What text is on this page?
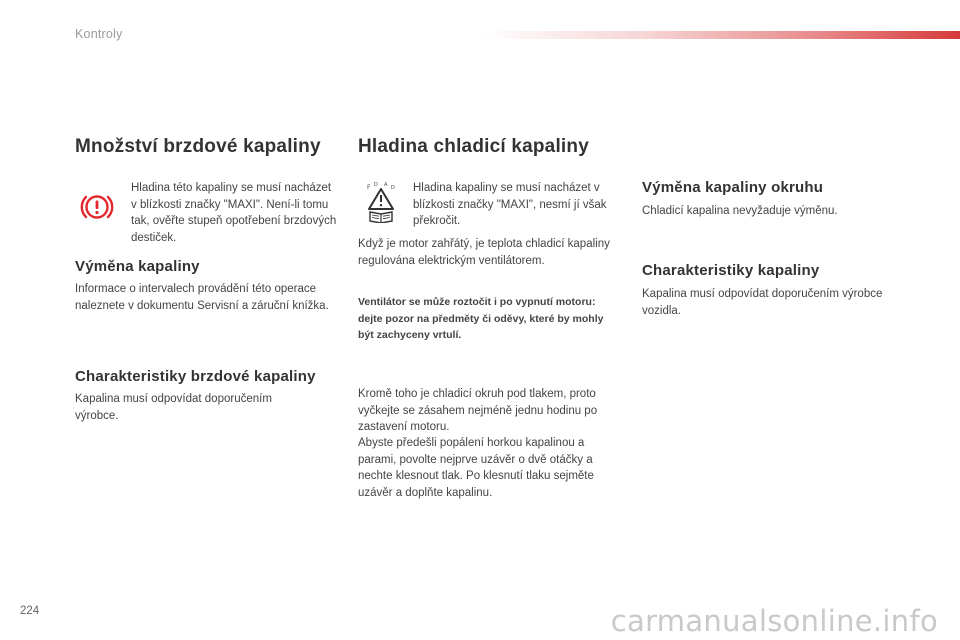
Kontroly
Množství brzdové kapaliny

Hladina této kapaliny se musí nacházet v blízkosti značky "MAXI". Není-li tomu tak, ověřte stupeň opotřebení brzdových destiček.

Výměna kapaliny

Informace o intervalech provádění této operace naleznete v dokumentu Servisní a záruční knížka.

Charakteristiky brzdové kapaliny

Kapalina musí odpovídat doporučením výrobce.

Hladina chladicí kapaliny
F D A D Hladina kapaliny se musí nacházet v blízkosti značky "MAXI", nesmí jí však překročit.

Když je motor zahřátý, je teplota chladicí kapaliny regulována elektrickým ventilátorem.

Ventilátor se může roztočit i po vypnutí motoru: dejte pozor na předměty či oděvy, které by mohly být zachyceny vrtulí.

Kromě toho je chladicí okruh pod tlakem, proto vyčkejte se zásahem nejméně jednu hodinu po zastavení motoru.

Abyste předešli popálení horkou kapalinou a parami, povolte nejprve uzávěr o dvě otáčky a nechte klesnout tlak. Po klesnutí tlaku sejměte uzávěr a doplňte kapalinu.

Výměna kapaliny okruhu

Chladicí kapalina nevyžaduje výměnu.

Charakteristiky kapaliny

Kapalina musí odpovídat doporučením výrobce vozidla.

224	carmanualsonline.info
